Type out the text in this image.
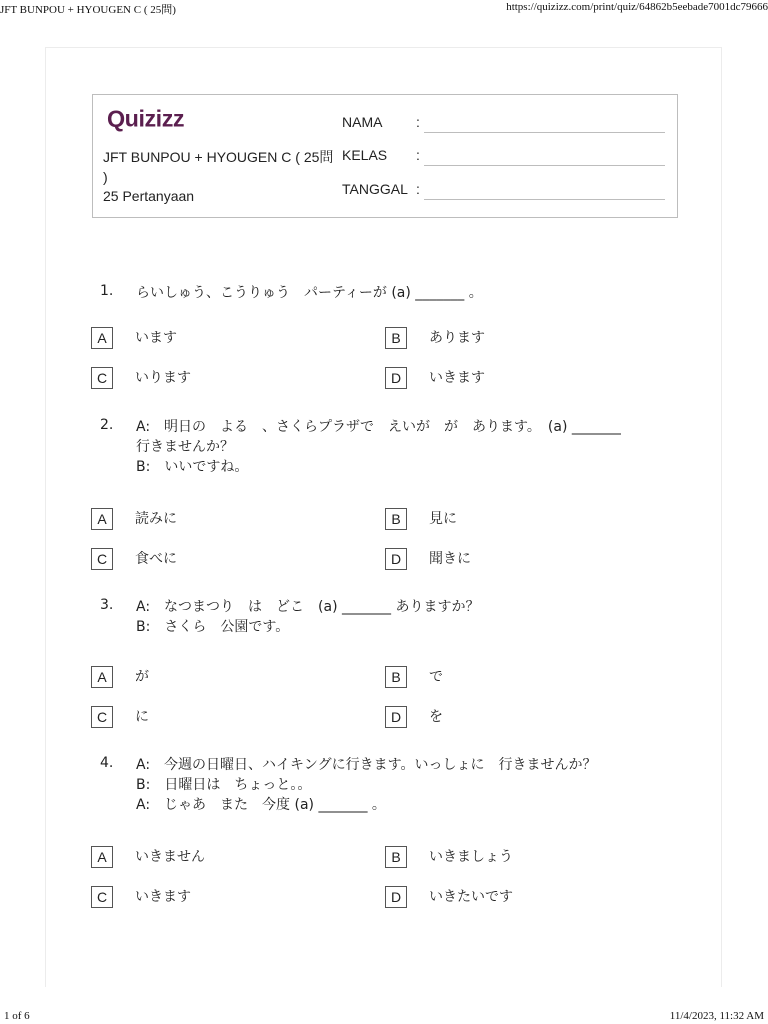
JFT BUNPOU + HYOUGEN C ( 25問)	https://quizizz.com/print/quiz/64862b5eebade7001dc79666
Quizizz
JFT BUNPOU + HYOUGEN C ( 25問 )
25 Pertanyaan
NAMA :
KELAS :
TANGGAL :
1. らいしゅう、こうりゅう　パーティーが (a) _______ 。
A	います	B	あります
C	いります	D	いきます
2. A:　明日の　よる　、さくらプラザで　えいが　が　あります。　(a) _______
行きませんか？
B:　いいですね。
A	読みに	B	見に
C	食べに	D	聞きに
3. A:　なつまつり　は　どこ　(a) _______ ありますか？
B:　さくら　公園です。
A	が	B	で
C	に	D	を
4. A:　今週の日曜日、ハイキングに行きます。いっしょに　行きませんか？
B:　日曜日は　ちょっと。。
A:　じゃあ　また　今度 (a) _______ 。
A	いきません	B	いきましょう
C	いきます	D	いきたいです
1 of 6	11/4/2023, 11:32 AM
